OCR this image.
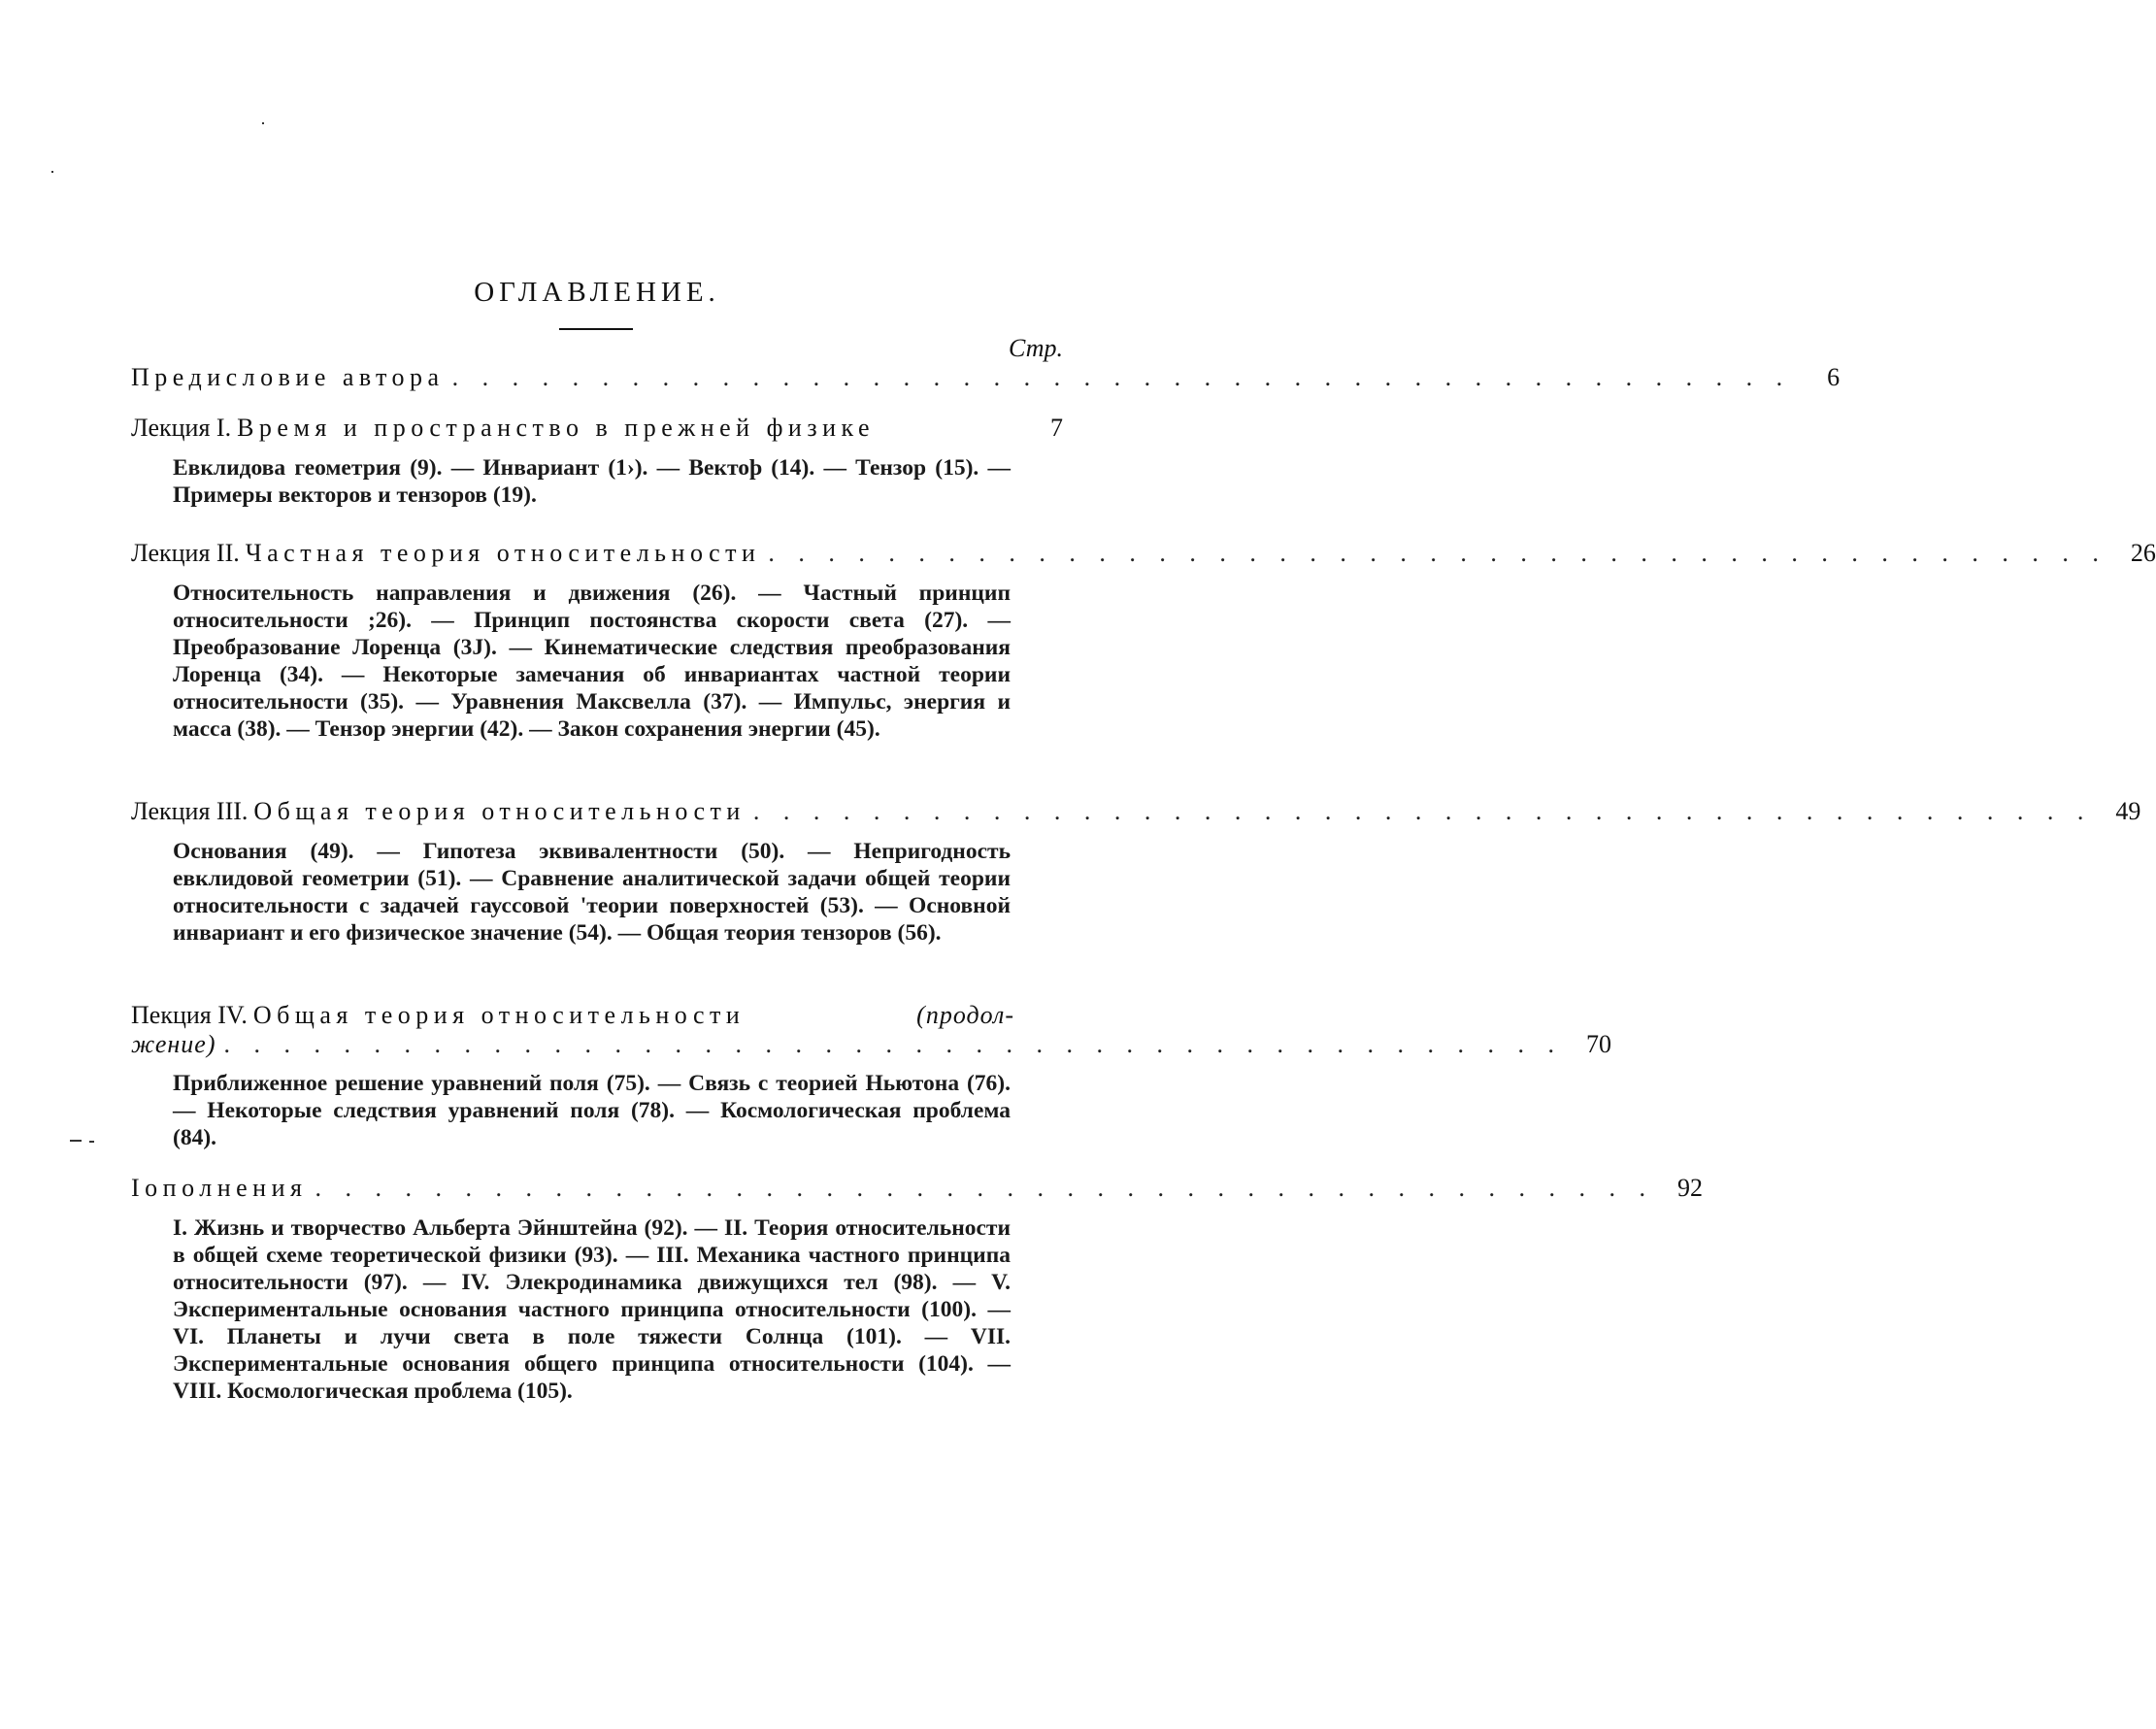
ОГЛАВЛЕНИЕ.
Стр.
Предисловие автора . . . . . . . . . . . . . . . . . . . . . . . . . . . . . . . . . . . . . . . . . . . . .	6
Лекция I. Время и пространство в прежней физике	7
Евклидова геометрия (9). — Инвариант (1›). — Вектоþ (14). — Тензор (15). — Примеры векторов и тензоров (19).
Лекция II. Частная теория относительности . . . . . . . . . . . . . . . . . . . . . . . . . . . . . . . . . . . . . . . . . . . . . 26
Относительность направления и движения (26). — Частный принцип относительности ;26). — Принцип постоянства скорости света (27). — Преобразование Лоренца (3J). — Кинематические следствия преобразования Лоренца (34). — Некоторые замечания об инвариантах частной теории относительности (35). — Уравнения Максвелла (37). — Импульс, энергия и масса (38). — Тензор энергии (42). — Закон сохранения энергии (45).
Лекция III. Общая теория относительности . . . . . . . . . . . . . . . . . . . . . . . . . . . . . . . . . . . . . . . . . . . . . 49
Основания (49). — Гипотеза эквивалентности (50). — Непригодность евклидовой геометрии (51). — Сравнение аналитической задачи общей теории относительности с задачей гауссовой 'теории поверхностей (53). — Основной инвариант и его физическое значение (54). — Общая теория тензоров (56).
Пекция IV. Общая теория относительности	(продол-
жение) . . . . . . . . . . . . . . . . . . . . . . . . . . . . . . . . . . . . . . . . . . . . . 70
Приближенное решение уравнений поля (75). — Связь с теорией Ньютона (76). — Некоторые следствия уравнений поля (78). — Космологическая проблема (84).
Іополнения . . . . . . . . . . . . . . . . . . . . . . . . . . . . . . . . . . . . . . . . . . . . . 92
I. Жизнь и творчество Альберта Эйнштейна (92). — II. Теория относительности в общей схеме теоретической физики (93). — III. Механика частного принципа относительности (97). — IV. Элекродинамика движущихся тел (98). — V. Экспериментальные основания частного принципа относительности (100). — VI. Планеты и лучи света в поле тяжести Солнца (101). — VII. Экспериментальные основания общего принципа относительности (104). — VIII. Космологическая проблема (105).
